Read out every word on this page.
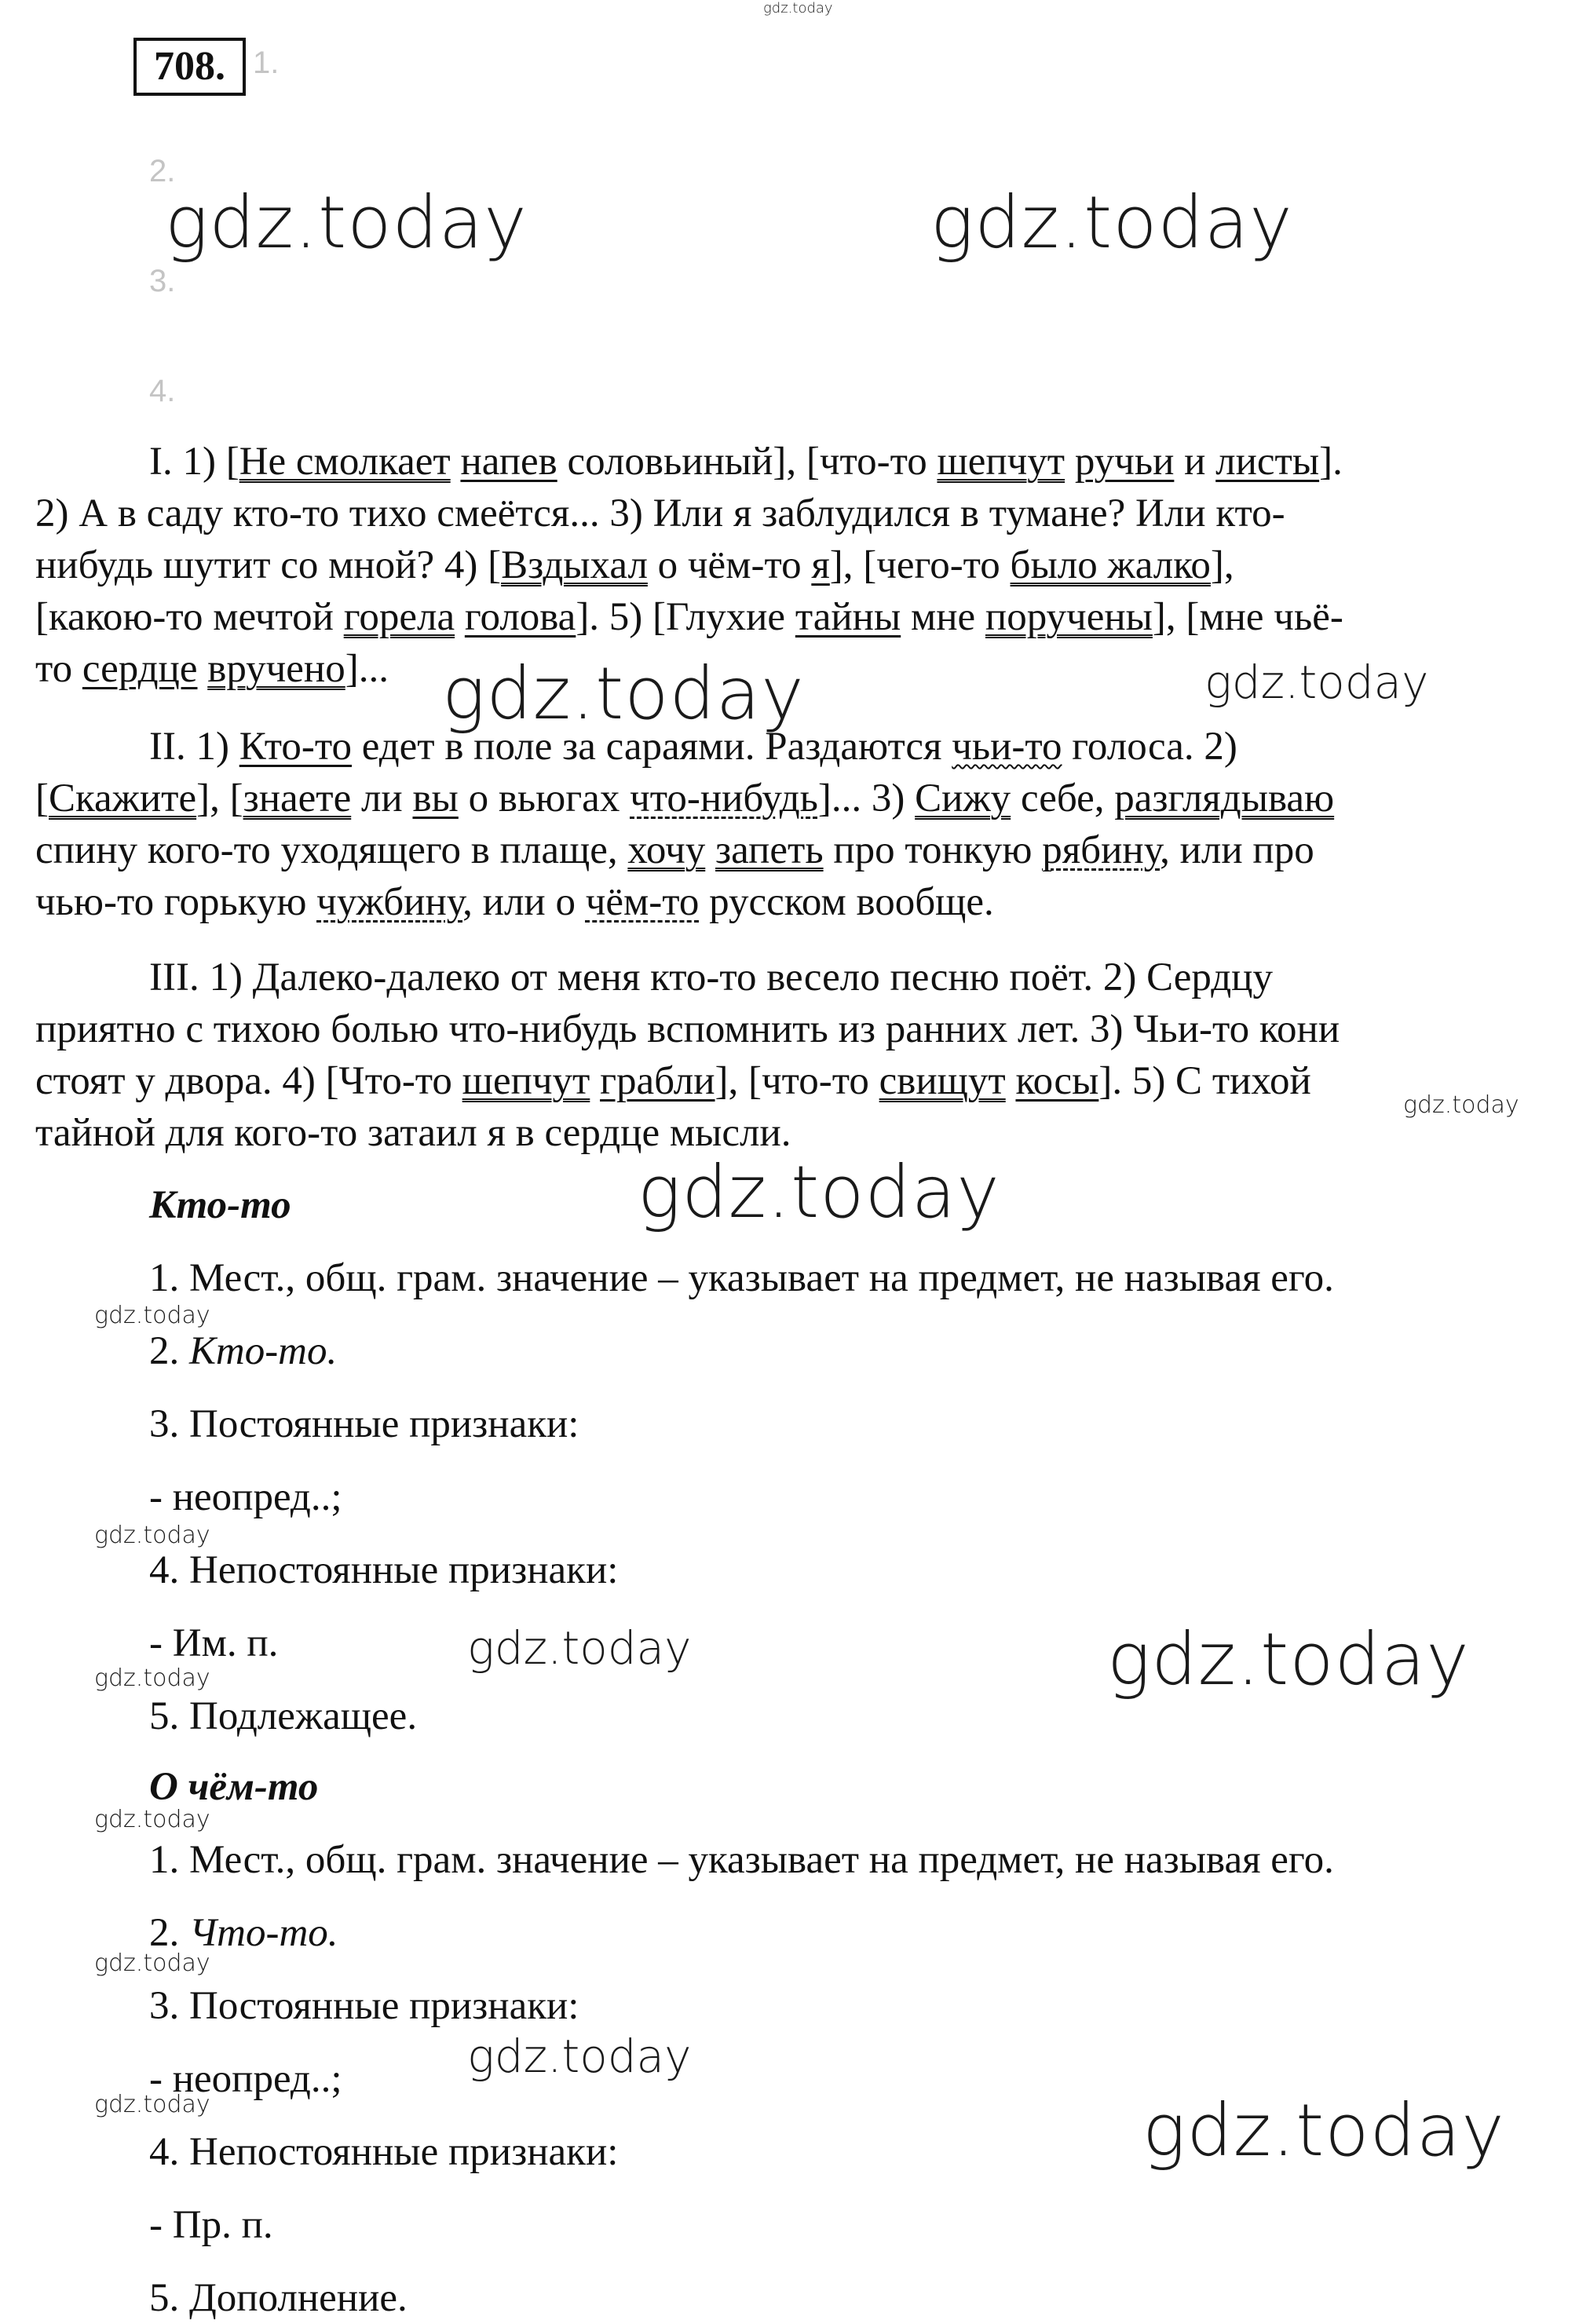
708. 1.
2.
3.
4.
I. 1) [Не смолкает напев соловьиный], [что-то шепчут ручьи и листы].
2) А в саду кто-то тихо смеётся... 3) Или я заблудился в тумане? Или кто-
нибудь шутит со мной? 4) [Вздыхал о чём-то я], [чего-то было жалко],
[какою-то мечтой горела голова]. 5) [Глухие тайны мне поручены], [мне чьё-
то сердце вручено]...
II. 1) Кто-то едет в поле за сараями. Раздаются чьи-то голоса. 2)
[Скажите], [знаете ли вы о вьюгах что-нибудь]... 3) Сижу себе, разглядываю
спину кого-то уходящего в плаще, хочу запеть про тонкую рябину, или про
чью-то горькую чужбину, или о чём-то русском вообще.
III. 1) Далеко-далеко от меня кто-то весело песню поёт. 2) Сердцу
приятно с тихою болью что-нибудь вспомнить из ранних лет. 3) Чьи-то кони
стоят у двора. 4) [Что-то шепчут грабли], [что-то свищут косы]. 5) С тихой
тайной для кого-то затаил я в сердце мысли.
Кто-то
1. Мест., общ. грам. значение – указывает на предмет, не называя его.
2. Кто-то.
3. Постоянные признаки:
- неопред..;
4. Непостоянные признаки:
- Им. п.
5. Подлежащее.
О чём-то
1. Мест., общ. грам. значение – указывает на предмет, не называя его.
2. Что-то.
3. Постоянные признаки:
- неопред..;
4. Непостоянные признаки:
- Пр. п.
5. Дополнение.
gdz.today
gdz.today	gdz.today
gdz.today	gdz.today
gdz.today
gdz.today
gdz.today
gdz.today
gdz.today	gdz.today
gdz.today
gdz.today
gdz.today
gdz.today
gdz.today	gdz.today
